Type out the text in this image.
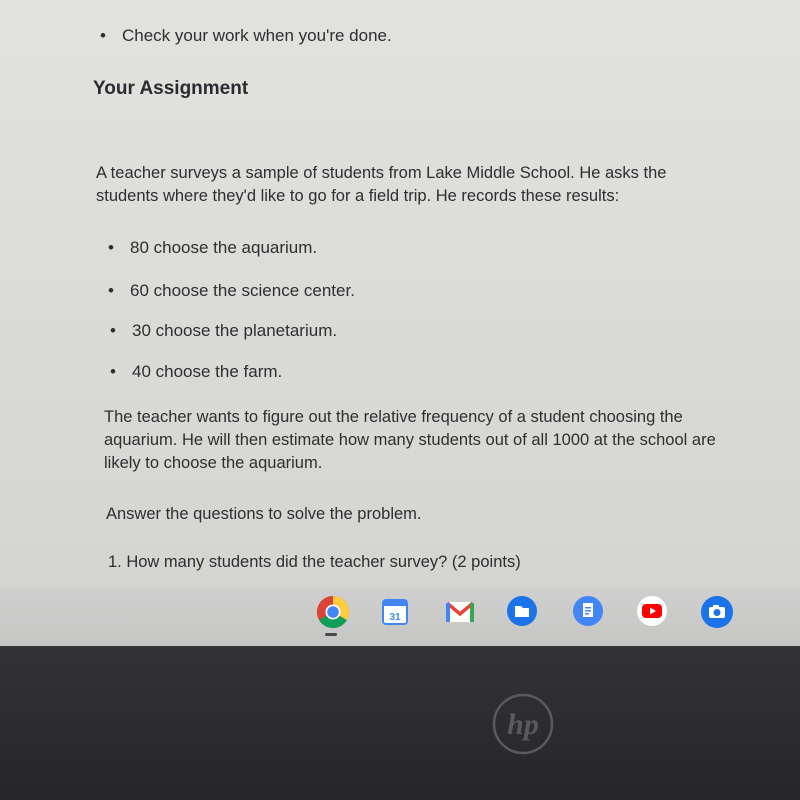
• Check your work when you're done.
Your Assignment
A teacher surveys a sample of students from Lake Middle School. He asks the
students where they'd like to go for a field trip. He records these results:
• 80 choose the aquarium.
• 60 choose the science center.
• 30 choose the planetarium.
• 40 choose the farm.
The teacher wants to figure out the relative frequency of a student choosing the
aquarium. He will then estimate how many students out of all 1000 at the school are
likely to choose the aquarium.
Answer the questions to solve the problem.
1. How many students did the teacher survey? (2 points)
31
hp
